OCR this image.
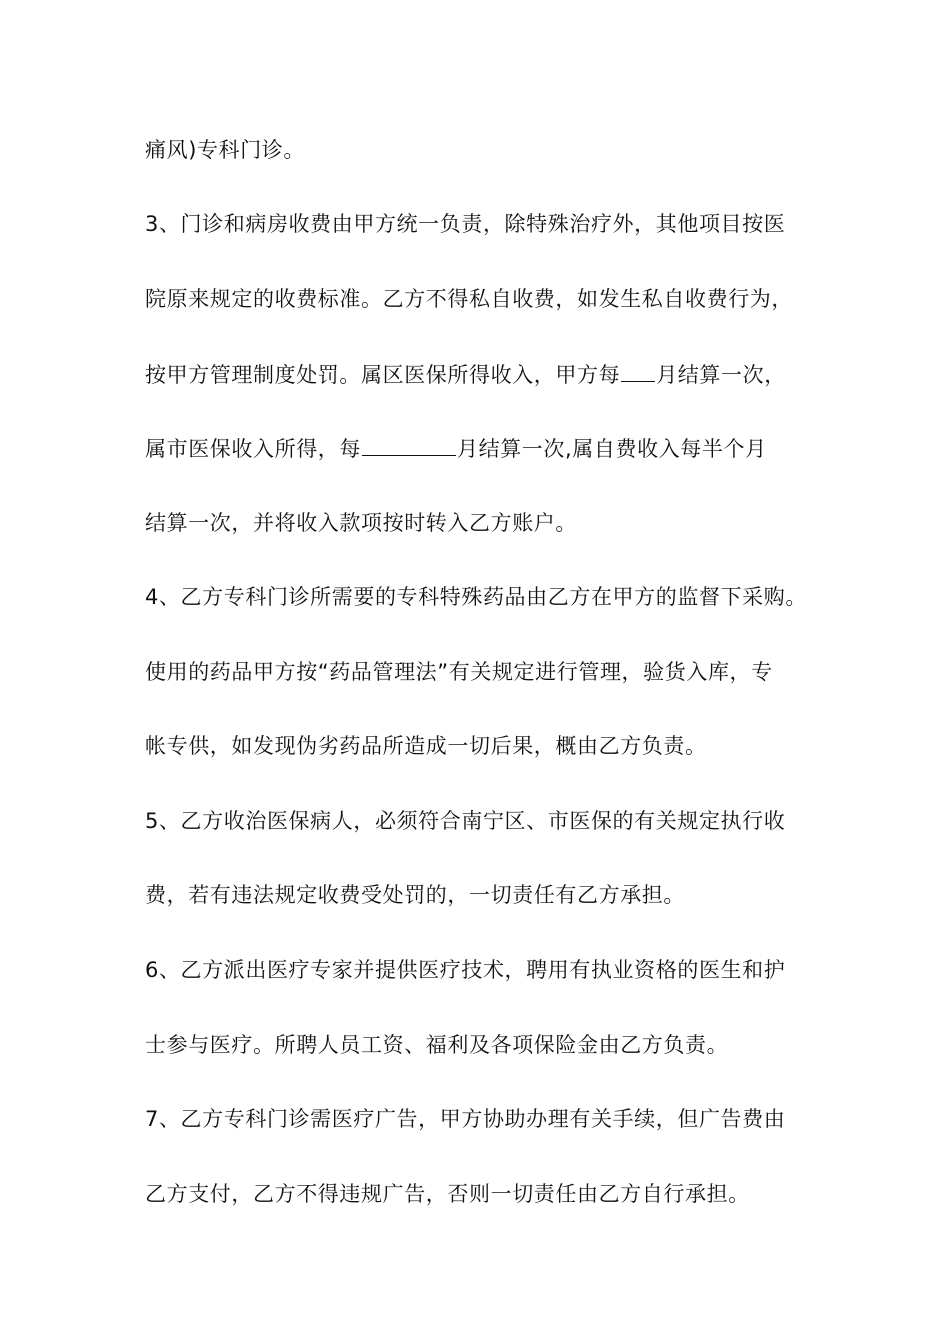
痛风)专科门诊。

3、门诊和病房收费由甲方统一负责，除特殊治疗外，其他项目按医

院原来规定的收费标准。乙方不得私自收费，如发生私自收费行为，

按甲方管理制度处罚。属区医保所得收入，甲方每 月结算一次，

属市医保收入所得，每	月结算一次,属自费收入每半个月

结算一次，并将收入款项按时转入乙方账户。

4、乙方专科门诊所需要的专科特殊药品由乙方在甲方的监督下采购。

使用的药品甲方按“药品管理法”有关规定进行管理，验货入库，专

帐专供，如发现伪劣药品所造成一切后果，概由乙方负责。

5、乙方收治医保病人，必须符合南宁区、市医保的有关规定执行收

费，若有违法规定收费受处罚的，一切责任有乙方承担。

6、乙方派出医疗专家并提供医疗技术，聘用有执业资格的医生和护

士参与医疗。所聘人员工资、福利及各项保险金由乙方负责。

7、乙方专科门诊需医疗广告，甲方协助办理有关手续，但广告费由

乙方支付，乙方不得违规广告，否则一切责任由乙方自行承担。
